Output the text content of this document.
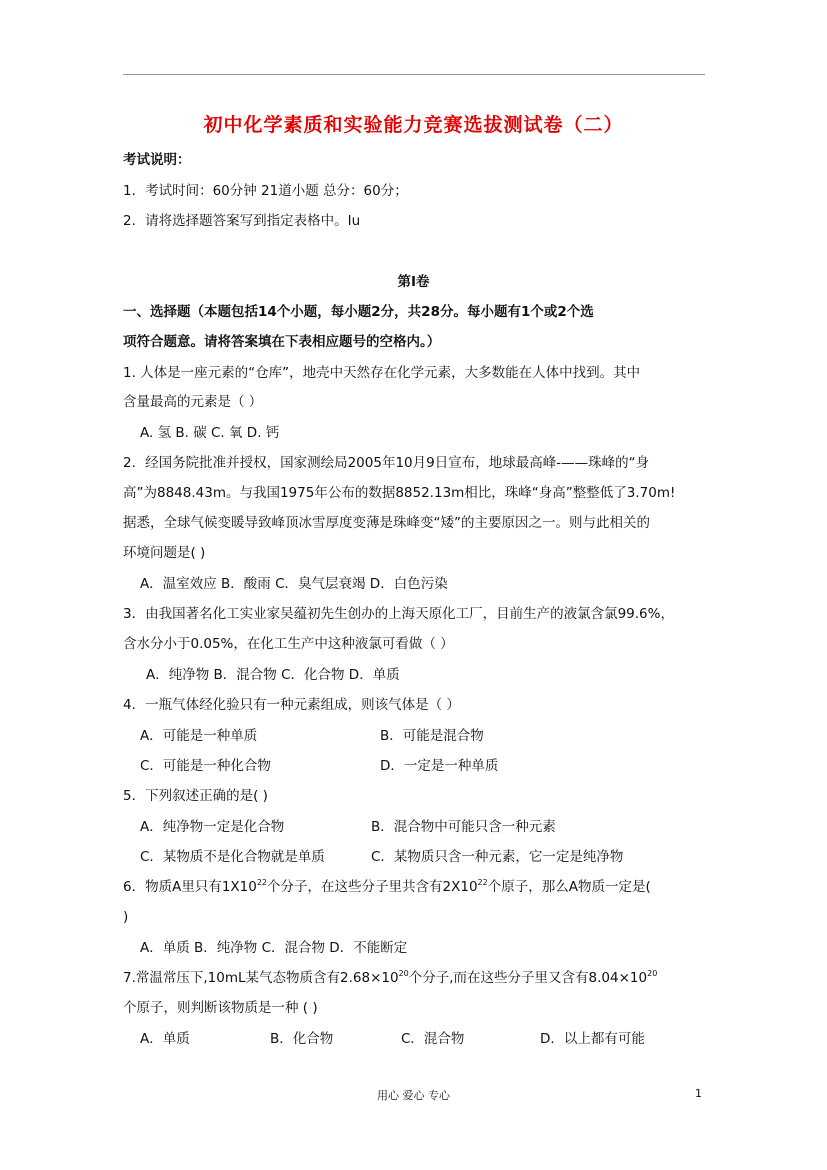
初中化学素质和实验能力竞赛选拔测试卷（二）
考试说明：
1．考试时间：60分钟 21道小题 总分：60分；
2．请将选择题答案写到指定表格中。Iu
第Ⅰ卷
一、选择题（本题包括14个小题，每小题2分，共28分。每小题有1个或2个选
项符合题意。请将答案填在下表相应题号的空格内。）
1. 人体是一座元素的“仓库”，地壳中天然存在化学元素，大多数能在人体中找到。其中
含量最高的元素是（ ）
A. 氢 B. 碳 C. 氧 D. 钙
2．经国务院批准并授权，国家测绘局2005年10月9日宣布，地球最高峰-——珠峰的“身
高”为8848.43m。与我国1975年公布的数据8852.13m相比，珠峰“身高”整整低了3.70m!
据悉，全球气候变暖导致峰顶冰雪厚度变薄是珠峰变“矮”的主要原因之一。则与此相关的
环境问题是( )
A．温室效应 B．酸雨 C．臭气层衰竭 D．白色污染
3．由我国著名化工实业家吴蕴初先生创办的上海天原化工厂，目前生产的液氯含氯99.6%，
含水分小于0.05%，在化工生产中这种液氯可看做（ ）
A．纯净物 B．混合物 C．化合物 D．单质
4．一瓶气体经化验只有一种元素组成，则该气体是（ ）
A．可能是一种单质	B．可能是混合物
C．可能是一种化合物	D．一定是一种单质
5．下列叙述正确的是( )
A．纯净物一定是化合物	B．混合物中可能只含一种元素
C．某物质不是化合物就是单质	C．某物质只含一种元素，它一定是纯净物
6．物质A里只有$1X10^{22}$个分子，在这些分子里共含有$2X10^{22}$个原子，那么A物质一定是(
)
A．单质 B．纯净物 C．混合物 D．不能断定
7.常温常压下,10mL某气态物质含有$2.68\times 10^{20}$个分子,而在这些分子里又含有$8.04\times 10^{20}$
个原子，则判断该物质是一种 ( )
A．单质	B．化合物	C．混合物	D．以上都有可能
用心 爱心 专心	1
